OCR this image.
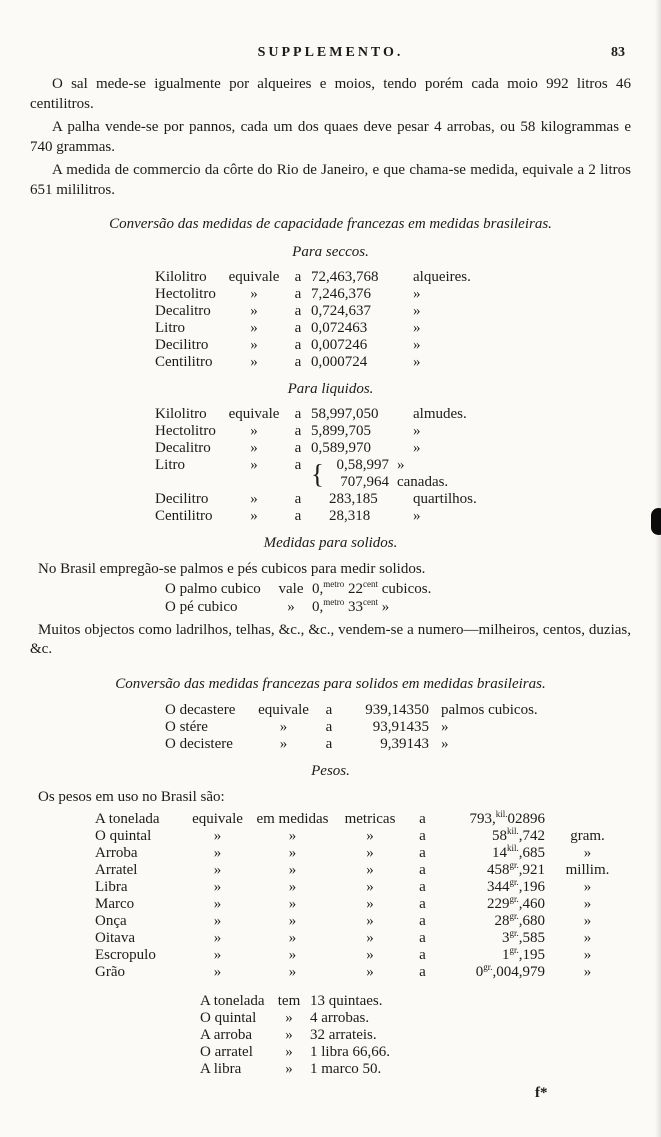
SUPPLEMENTO.	83

O sal mede-se igualmente por alqueires e moios, tendo porém cada moio 992 litros 46 centilitros.

A palha vende-se por pannos, cada um dos quaes deve pesar 4 arrobas, ou 58 kilogrammas e 740 grammas.

A medida de commercio da côrte do Rio de Janeiro, e que chama-se medida, equivale a 2 litros 651 mililitros.

Conversão das medidas de capacidade francezas em medidas brasileiras.
Para seccos.
Kilolitro	equivale	a 72,463,768	alqueires.
Hectolitro	»	a 7,246,376	»
Decalitro	»	a 0,724,637	»
Litro	»	a 0,072463	»
Decilitro	»	a 0,007246	»
Centilitro	»	a 0,000724	»
Para liquidos.
Kilolitro	equivale	a 58,997,050	almudes.
Hectolitro	»	a 5,899,705	»
Decalitro	»	a 0,589,970	»
Litro	»	a { 0,58,997 »
707,964 canadas.
Decilitro	»	a	283,185	quartilhos.
Centilitro	»	a	28,318	»
Medidas para solidos.

No Brasil empregão-se palmos e pés cubicos para medir solidos.

O palmo cubico	vale 0,$^{metro}$ $22^{cent}$ cubicos.
O pé cubico	»	0,$^{metro}$ $33^{cent}$ »

Muitos objectos como ladrilhos, telhas, &c., &c., vendem-se a numero—milheiros, centos, duzias, &c.

Conversão das medidas francezas para solidos em medidas brasileiras.
O decastere	equivale	a	939,14350 palmos cubicos.
O stére	»	a	93,91435 »
O decistere	»	a	9,39143 »
Pesos.

Os pesos em uso no Brasil são:

A tonelada	equivale em medidas	metricas	a	793,$^{kil.}$02896
O quintal	»	»	»	a	$58^{kil.},742$	gram.
Arroba	»	»	»	a	$14^{kil.},685$	»
Arratel	»	»	»	a	$458^{gr.},921$	millim.
Libra	»	»	»	a	$344^{gr.},196$	»
Marco	»	»	»	a	$229^{gr.},460$	»
Onça	»	»	»	a	$28^{gr.},680$	»
Oitava	»	»	»	a	$3^{gr.},585$	»
Escropulo	»	»	»	a	$1^{gr.},195$	»
Grão	»	»	»	a	$0^{gr.},004,979$	»
A tonelada tem 13 quintaes.
O quintal	»	4 arrobas.
A arroba	»	32 arrateis.
O arratel	»	1 libra 66,66.
A libra	»	1 marco 50.
f*
